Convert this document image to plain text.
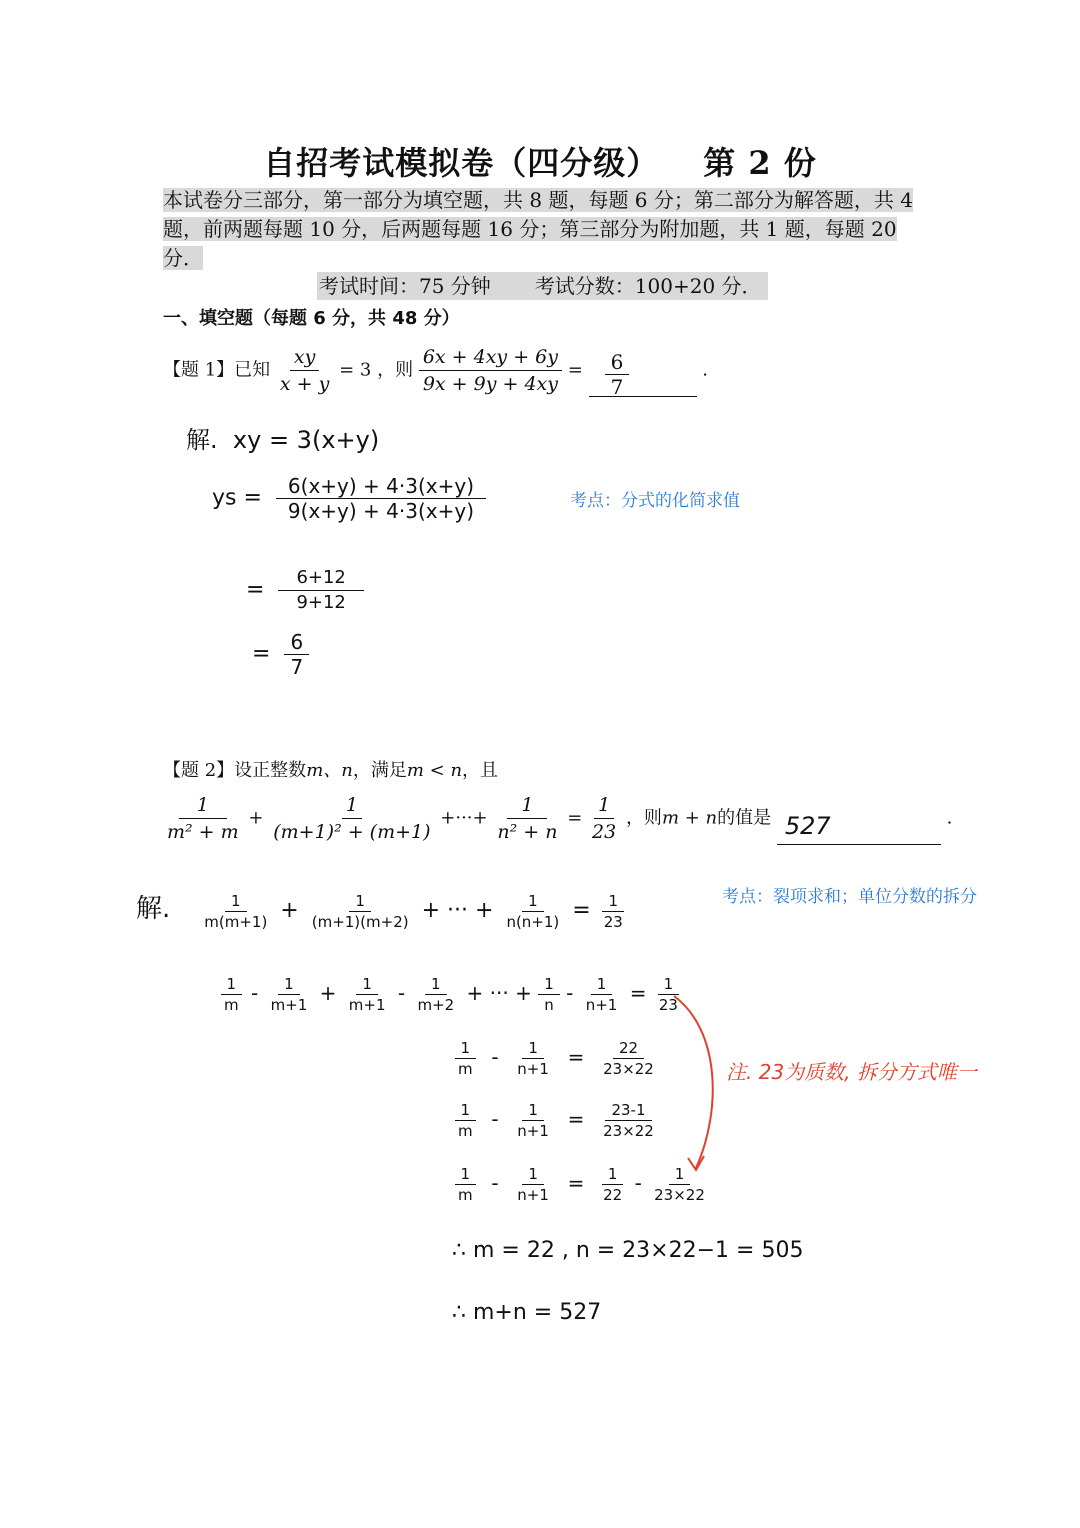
自招考试模拟卷（四分级） 第 2 份
本试卷分三部分，第一部分为填空题，共 8 题，每题 6 分；第二部分为解答题，共 4 题，前两题每题 10 分，后两题每题 16 分；第三部分为附加题，共 1 题，每题 20 分．
考试时间：75 分钟 考试分数：100+20 分．
一、填空题（每题 6 分，共 48 分）
【题 1】已知 $\frac{xy}{x + y} = 3$ ，则 $\frac{6x + 4xy + 6y}{9x + 9y + 4xy}$ =	6
7
.
解. xy = 3(x+y)
ys = $\frac{6(x+y) + 4\cdot 3(x+y)}{9(x+y) + 4\cdot 3(x+y)}$
= $\frac{6+12}{9+12}$
= $\frac{6}{7}$
考点：分式的化简求值
【题 2】设正整数m、n，满足m < n，且
$\frac{1}{\text{m² + m}} + \frac{1}{\text{(m+1)² + (m+1)}}$ +···+ $\frac{1}{\text{n² + n}} = \frac{1}{23}$ ，则m + n的值是 527	.
考点：裂项求和；单位分数的拆分
解. $\frac{1}{m(m+1)} + \frac{1}{(m+1)(m+2)}$ + ··· + $\frac{1}{n(n+1)} = \frac{1}{23}$
$\frac{1}{m} - \frac{1}{m+1} + \frac{1}{m+1} - \frac{1}{m+2}$ + ··· + $\frac{1}{n} - \frac{1}{n+1} = \frac{1}{23}$
$\frac{1}{m} - \frac{1}{n+1} = \frac{22}{23\times 22}$
$\frac{1}{m} - \frac{1}{n+1} = \frac{23-1}{23\times 22}$
$\frac{1}{m} - \frac{1}{n+1} = \frac{1}{22} - \frac{1}{23\times 22}$
∴ m = 22 , n = 23×22−1 = 505
∴ m+n = 527
注. 23为质数, 拆分方式唯一
